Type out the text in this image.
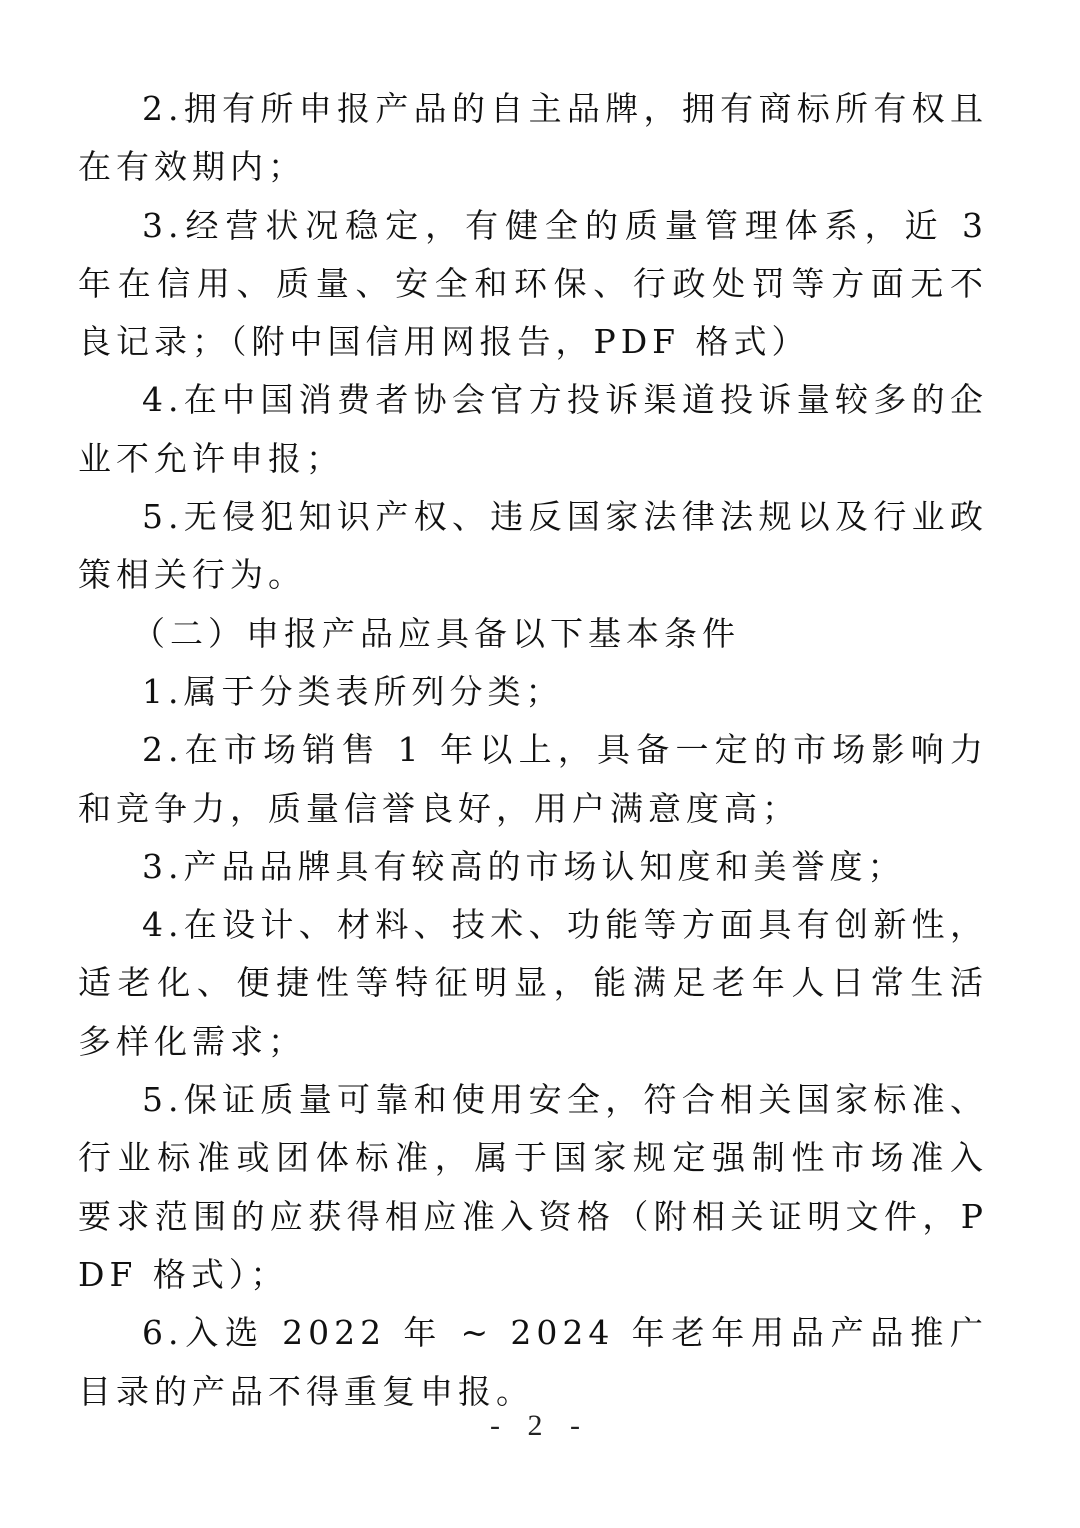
2.拥有所申报产品的自主品牌，拥有商标所有权且在有效期内；

3.经营状况稳定，有健全的质量管理体系，近 3 年在信用、质量、安全和环保、行政处罚等方面无不良记录；（附中国信用网报告，PDF 格式）

4.在中国消费者协会官方投诉渠道投诉量较多的企业不允许申报；

5.无侵犯知识产权、违反国家法律法规以及行业政策相关行为。

（二）申报产品应具备以下基本条件

1.属于分类表所列分类；

2.在市场销售 1 年以上，具备一定的市场影响力和竞争力，质量信誉良好，用户满意度高；

3.产品品牌具有较高的市场认知度和美誉度；

4.在设计、材料、技术、功能等方面具有创新性，适老化、便捷性等特征明显，能满足老年人日常生活多样化需求；

5.保证质量可靠和使用安全，符合相关国家标准、行业标准或团体标准，属于国家规定强制性市场准入要求范围的应获得相应准入资格（附相关证明文件，PDF 格式）；

6.入选 2022 年 ~ 2024 年老年用品产品推广目录的产品不得重复申报。

- 2 -
